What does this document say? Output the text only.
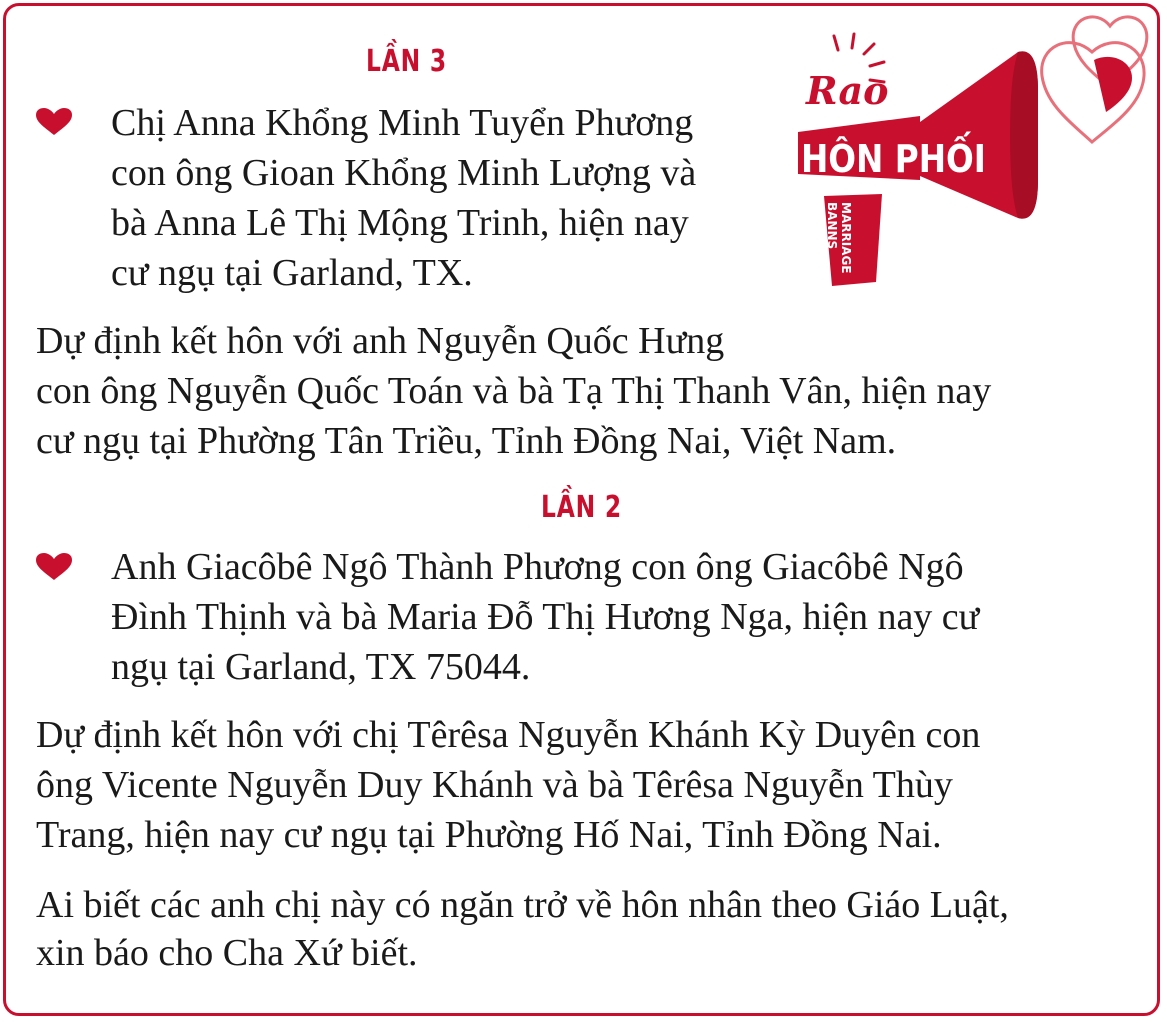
Rao
HÔN PHỐI
MARRIAGE
BANNS
LẦN 3
Chị Anna Khổng Minh Tuyển Phương
con ông Gioan Khổng Minh Lượng và
bà Anna Lê Thị Mộng Trinh, hiện nay
cư ngụ tại Garland, TX.
Dự định kết hôn với anh Nguyễn Quốc Hưng
con ông Nguyễn Quốc Toán và bà Tạ Thị Thanh Vân, hiện nay
cư ngụ tại Phường Tân Triều, Tỉnh Đồng Nai, Việt Nam.
LẦN 2
Anh Giacôbê Ngô Thành Phương con ông Giacôbê Ngô
Đình Thịnh và bà Maria Đỗ Thị Hương Nga, hiện nay cư
ngụ tại Garland, TX 75044.
Dự định kết hôn với chị Têrêsa Nguyễn Khánh Kỳ Duyên con
ông Vicente Nguyễn Duy Khánh và bà Têrêsa Nguyễn Thùy
Trang, hiện nay cư ngụ tại Phường Hố Nai, Tỉnh Đồng Nai.
Ai biết các anh chị này có ngăn trở về hôn nhân theo Giáo Luật,
xin báo cho Cha Xứ biết.
